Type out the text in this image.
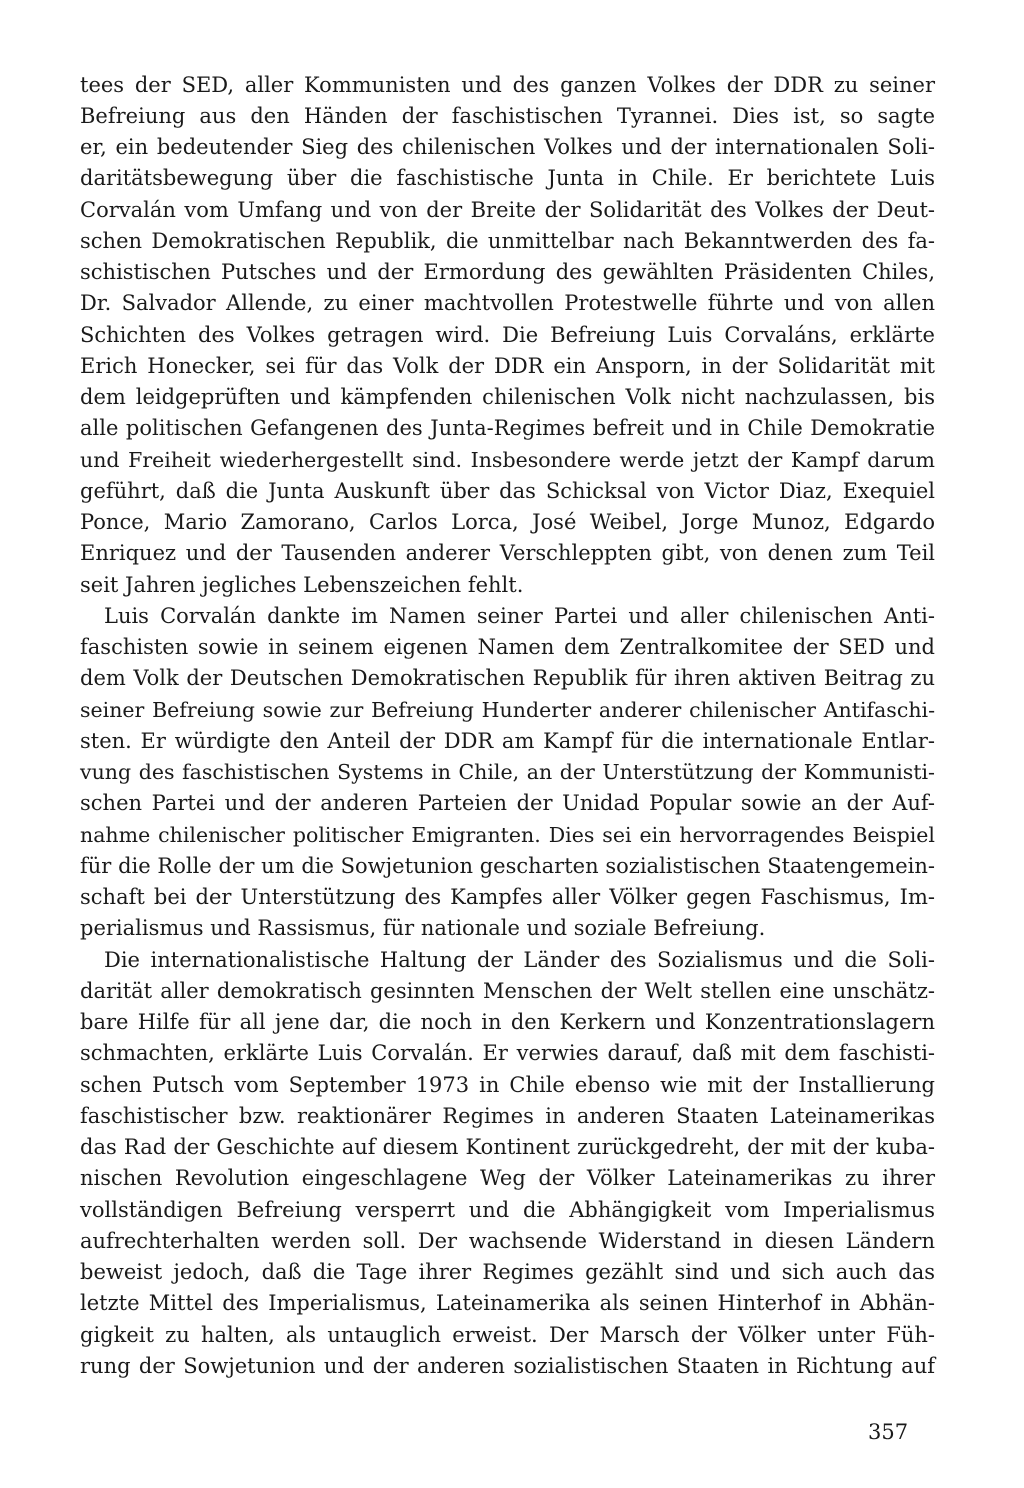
tees der SED, aller Kommunisten und des ganzen Volkes der DDR zu seiner
Befreiung aus den Händen der faschistischen Tyrannei. Dies ist, so sagte
er, ein bedeutender Sieg des chilenischen Volkes und der internationalen Soli-
daritätsbewegung über die faschistische Junta in Chile. Er berichtete Luis
Corvalán vom Umfang und von der Breite der Solidarität des Volkes der Deut-
schen Demokratischen Republik, die unmittelbar nach Bekanntwerden des fa-
schistischen Putsches und der Ermordung des gewählten Präsidenten Chiles,
Dr. Salvador Allende, zu einer machtvollen Protestwelle führte und von allen
Schichten des Volkes getragen wird. Die Befreiung Luis Corvaláns, erklärte
Erich Honecker, sei für das Volk der DDR ein Ansporn, in der Solidarität mit
dem leidgeprüften und kämpfenden chilenischen Volk nicht nachzulassen, bis
alle politischen Gefangenen des Junta-Regimes befreit und in Chile Demokratie
und Freiheit wiederhergestellt sind. Insbesondere werde jetzt der Kampf darum
geführt, daß die Junta Auskunft über das Schicksal von Victor Diaz, Exequiel
Ponce, Mario Zamorano, Carlos Lorca, José Weibel, Jorge Munoz, Edgardo
Enriquez und der Tausenden anderer Verschleppten gibt, von denen zum Teil
seit Jahren jegliches Lebenszeichen fehlt.
Luis Corvalán dankte im Namen seiner Partei und aller chilenischen Anti-
faschisten sowie in seinem eigenen Namen dem Zentralkomitee der SED und
dem Volk der Deutschen Demokratischen Republik für ihren aktiven Beitrag zu
seiner Befreiung sowie zur Befreiung Hunderter anderer chilenischer Antifaschi-
sten. Er würdigte den Anteil der DDR am Kampf für die internationale Entlar-
vung des faschistischen Systems in Chile, an der Unterstützung der Kommunisti-
schen Partei und der anderen Parteien der Unidad Popular sowie an der Auf-
nahme chilenischer politischer Emigranten. Dies sei ein hervorragendes Beispiel
für die Rolle der um die Sowjetunion gescharten sozialistischen Staatengemein-
schaft bei der Unterstützung des Kampfes aller Völker gegen Faschismus, Im-
perialismus und Rassismus, für nationale und soziale Befreiung.
Die internationalistische Haltung der Länder des Sozialismus und die Soli-
darität aller demokratisch gesinnten Menschen der Welt stellen eine unschätz-
bare Hilfe für all jene dar, die noch in den Kerkern und Konzentrationslagern
schmachten, erklärte Luis Corvalán. Er verwies darauf, daß mit dem faschisti-
schen Putsch vom September 1973 in Chile ebenso wie mit der Installierung
faschistischer bzw. reaktionärer Regimes in anderen Staaten Lateinamerikas
das Rad der Geschichte auf diesem Kontinent zurückgedreht, der mit der kuba-
nischen Revolution eingeschlagene Weg der Völker Lateinamerikas zu ihrer
vollständigen Befreiung versperrt und die Abhängigkeit vom Imperialismus
aufrechterhalten werden soll. Der wachsende Widerstand in diesen Ländern
beweist jedoch, daß die Tage ihrer Regimes gezählt sind und sich auch das
letzte Mittel des Imperialismus, Lateinamerika als seinen Hinterhof in Abhän-
gigkeit zu halten, als untauglich erweist. Der Marsch der Völker unter Füh-
rung der Sowjetunion und der anderen sozialistischen Staaten in Richtung auf
357
